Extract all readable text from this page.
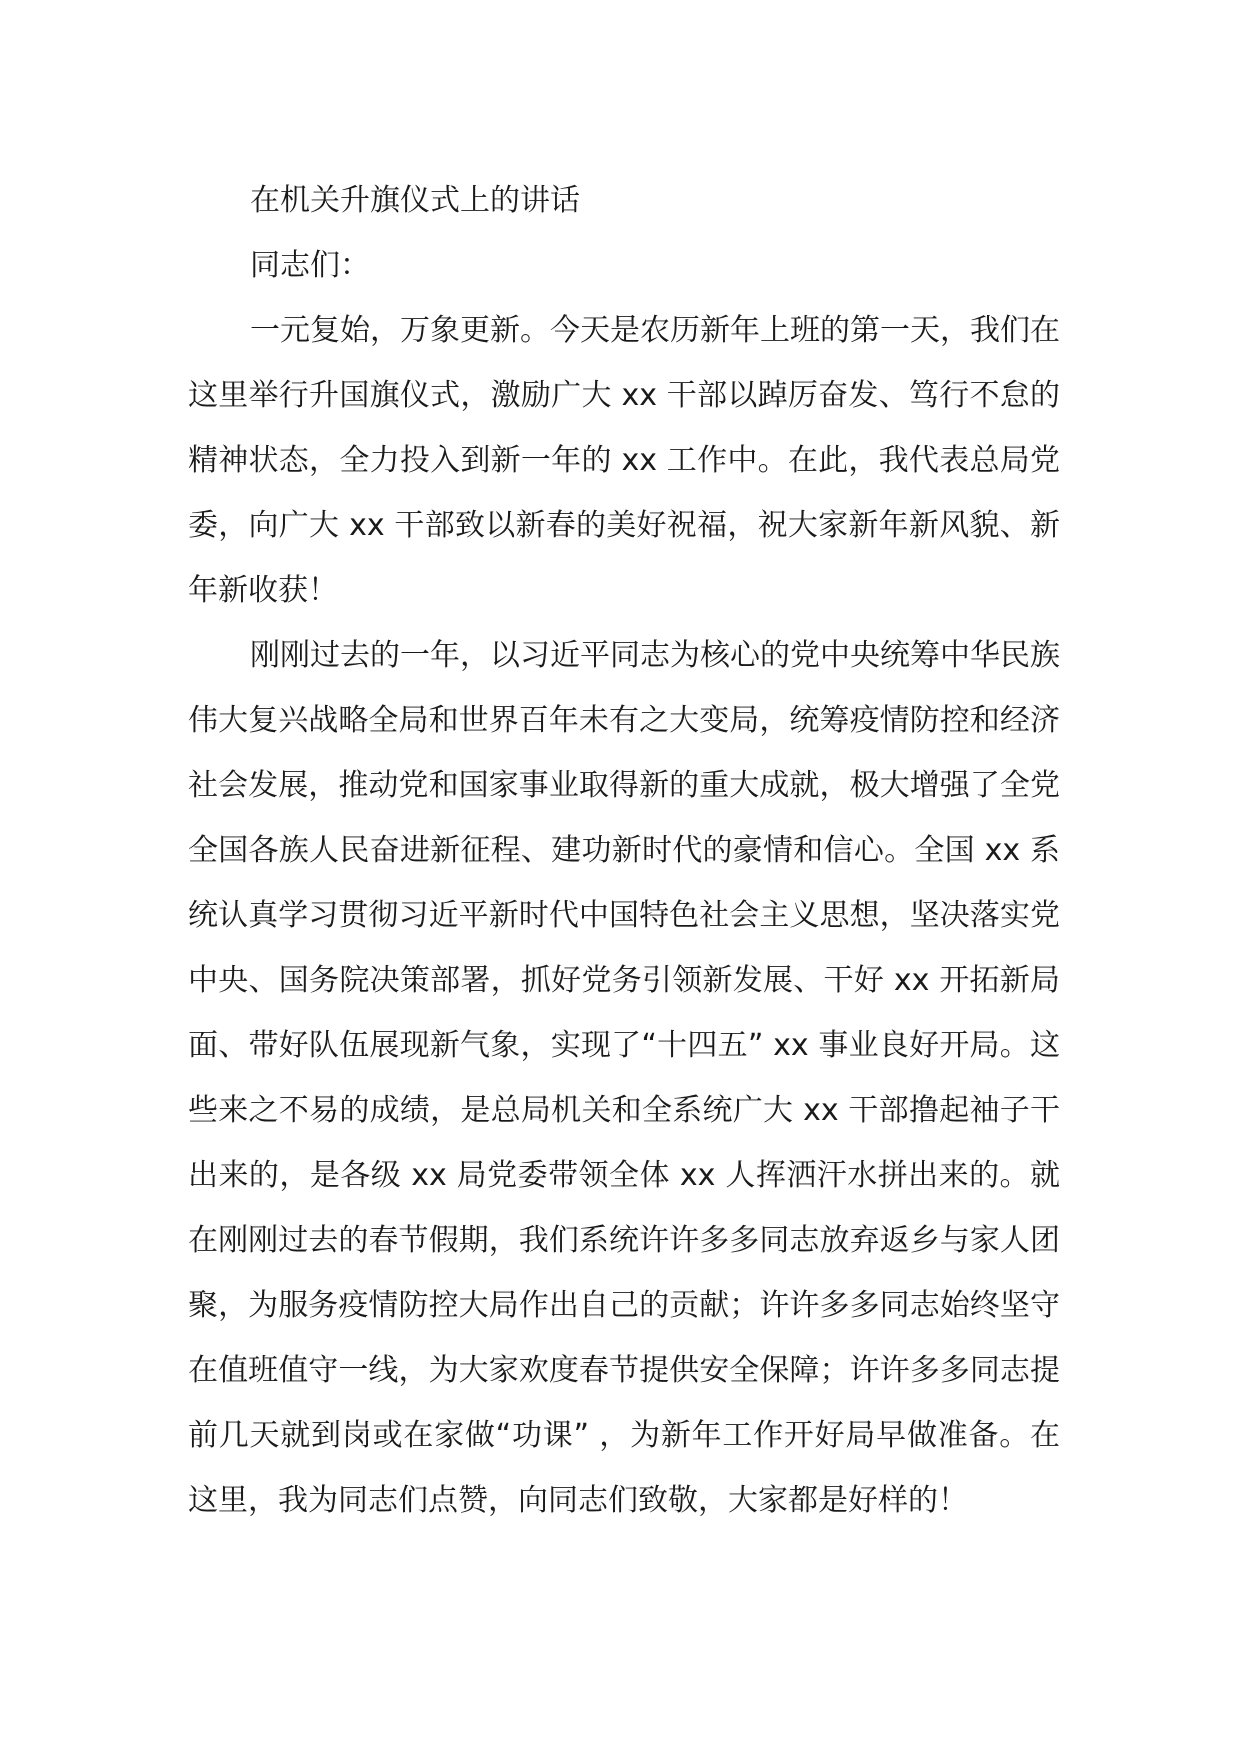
在机关升旗仪式上的讲话

同志们：

一元复始，万象更新。今天是农历新年上班的第一天，我们在这里举行升国旗仪式，激励广大 xx 干部以踔厉奋发、笃行不怠的精神状态，全力投入到新一年的 xx 工作中。在此，我代表总局党委，向广大 xx 干部致以新春的美好祝福，祝大家新年新风貌、新年新收获！

刚刚过去的一年，以习近平同志为核心的党中央统筹中华民族伟大复兴战略全局和世界百年未有之大变局，统筹疫情防控和经济社会发展，推动党和国家事业取得新的重大成就，极大增强了全党全国各族人民奋进新征程、建功新时代的豪情和信心。全国 xx 系统认真学习贯彻习近平新时代中国特色社会主义思想，坚决落实党中央、国务院决策部署，抓好党务引领新发展、干好 xx 开拓新局面、带好队伍展现新气象，实现了“十四五” xx 事业良好开局。这些来之不易的成绩，是总局机关和全系统广大 xx 干部撸起袖子干出来的，是各级 xx 局党委带领全体 xx 人挥洒汗水拼出来的。就在刚刚过去的春节假期，我们系统许许多多同志放弃返乡与家人团聚，为服务疫情防控大局作出自己的贡献；许许多多同志始终坚守在值班值守一线，为大家欢度春节提供安全保障；许许多多同志提前几天就到岗或在家做“功课” ，为新年工作开好局早做准备。在这里，我为同志们点赞，向同志们致敬，大家都是好样的！
